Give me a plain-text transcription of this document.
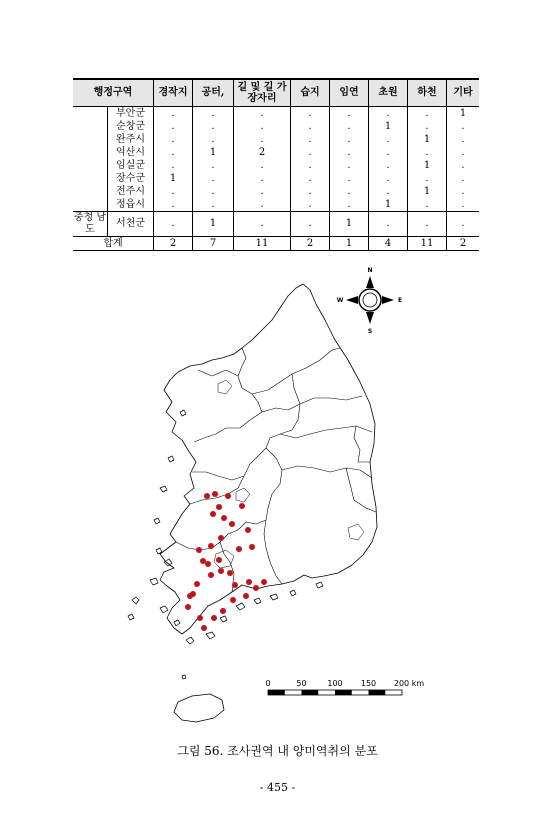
행정구역		경작지	공터,	길 및 길 가장자리	습지	임연	초원	하천	기타
	부안군	.	.	.	.	.	.	.	1
	순창군	.	.	.	.	.	1	.	.
	완주시	.	.	.	.	.	.	1	.
	익산시	.	1	2	.	.	.	.	.
	임실군	.	.	.	.	.	.	1	.
	장수군	1	.	.	.	.	.	.	.
	전주시	.	.	.	.	.	.	1	.
	정읍시	.	.	.	.	.	1	.	.
충청 남도	서천군	.	1	.	.	1	.	.	.
합계		2	7	11	2	1	4	11	2
N
S
W	E
0	50	100 150 200 km
그림 56. 조사권역 내 양미역취의 분포
- 455 -
